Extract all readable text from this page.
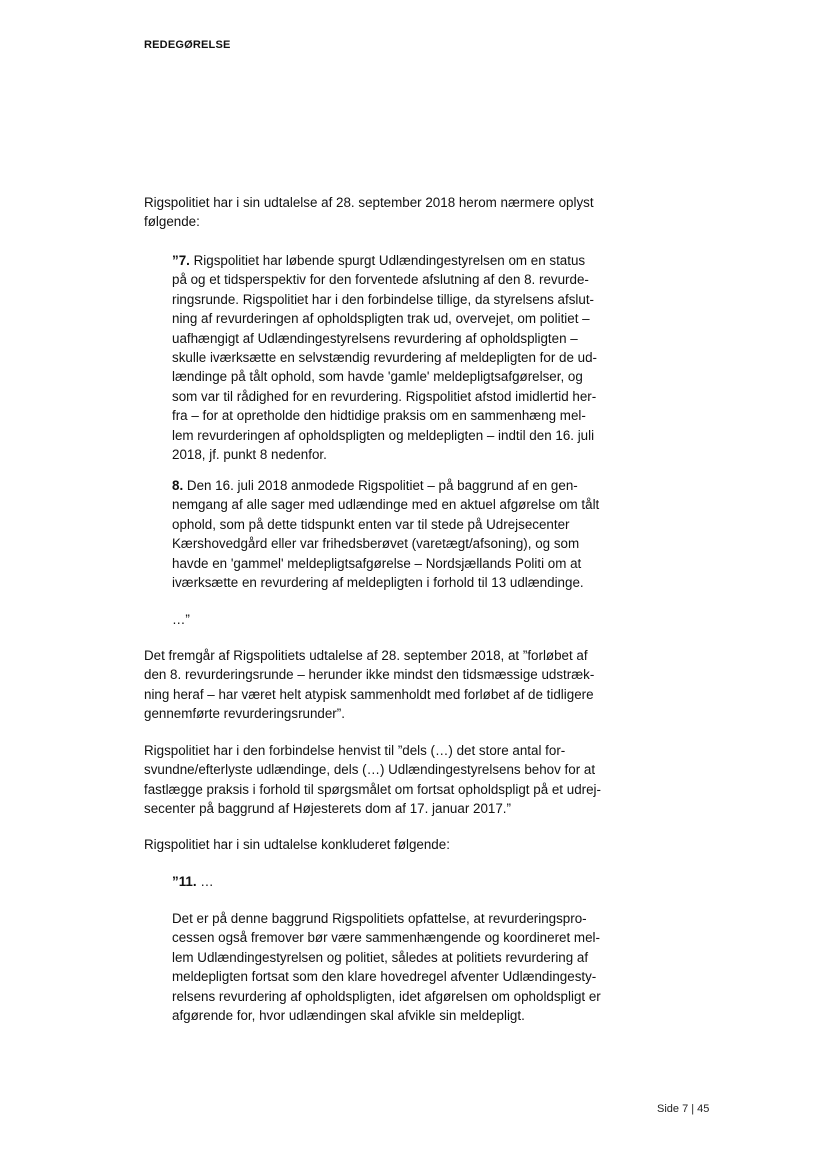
REDEGØRELSE
Rigspolitiet har i sin udtalelse af 28. september 2018 herom nærmere oplyst
følgende:
”7. Rigspolitiet har løbende spurgt Udlændingestyrelsen om en status
på og et tidsperspektiv for den forventede afslutning af den 8. revurde-
ringsrunde. Rigspolitiet har i den forbindelse tillige, da styrelsens afslut-
ning af revurderingen af opholdspligten trak ud, overvejet, om politiet –
uafhængigt af Udlændingestyrelsens revurdering af opholdspligten –
skulle iværksætte en selvstændig revurdering af meldepligten for de ud-
lændinge på tålt ophold, som havde 'gamle' meldepligtsafgørelser, og
som var til rådighed for en revurdering. Rigspolitiet afstod imidlertid her-
fra – for at opretholde den hidtidige praksis om en sammenhæng mel-
lem revurderingen af opholdspligten og meldepligten – indtil den 16. juli
2018, jf. punkt 8 nedenfor.
8. Den 16. juli 2018 anmodede Rigspolitiet – på baggrund af en gen-
nemgang af alle sager med udlændinge med en aktuel afgørelse om tålt
ophold, som på dette tidspunkt enten var til stede på Udrejsecenter
Kærshovedgård eller var frihedsberøvet (varetægt/afsoning), og som
havde en 'gammel' meldepligtsafgørelse – Nordsjællands Politi om at
iværksætte en revurdering af meldepligten i forhold til 13 udlændinge.
…”
Det fremgår af Rigspolitiets udtalelse af 28. september 2018, at ”forløbet af
den 8. revurderingsrunde – herunder ikke mindst den tidsmæssige udstræk-
ning heraf – har været helt atypisk sammenholdt med forløbet af de tidligere
gennemførte revurderingsrunder”.
Rigspolitiet har i den forbindelse henvist til ”dels (…) det store antal for-
svundne/efterlyste udlændinge, dels (…) Udlændingestyrelsens behov for at
fastlægge praksis i forhold til spørgsmålet om fortsat opholdspligt på et udrej-
secenter på baggrund af Højesterets dom af 17. januar 2017.”
Rigspolitiet har i sin udtalelse konkluderet følgende:
”11. …
Det er på denne baggrund Rigspolitiets opfattelse, at revurderingspro-
cessen også fremover bør være sammenhængende og koordineret mel-
lem Udlændingestyrelsen og politiet, således at politiets revurdering af
meldepligten fortsat som den klare hovedregel afventer Udlændingesty-
relsens revurdering af opholdspligten, idet afgørelsen om opholdspligt er
afgørende for, hvor udlændingen skal afvikle sin meldepligt.
Side 7 | 45
